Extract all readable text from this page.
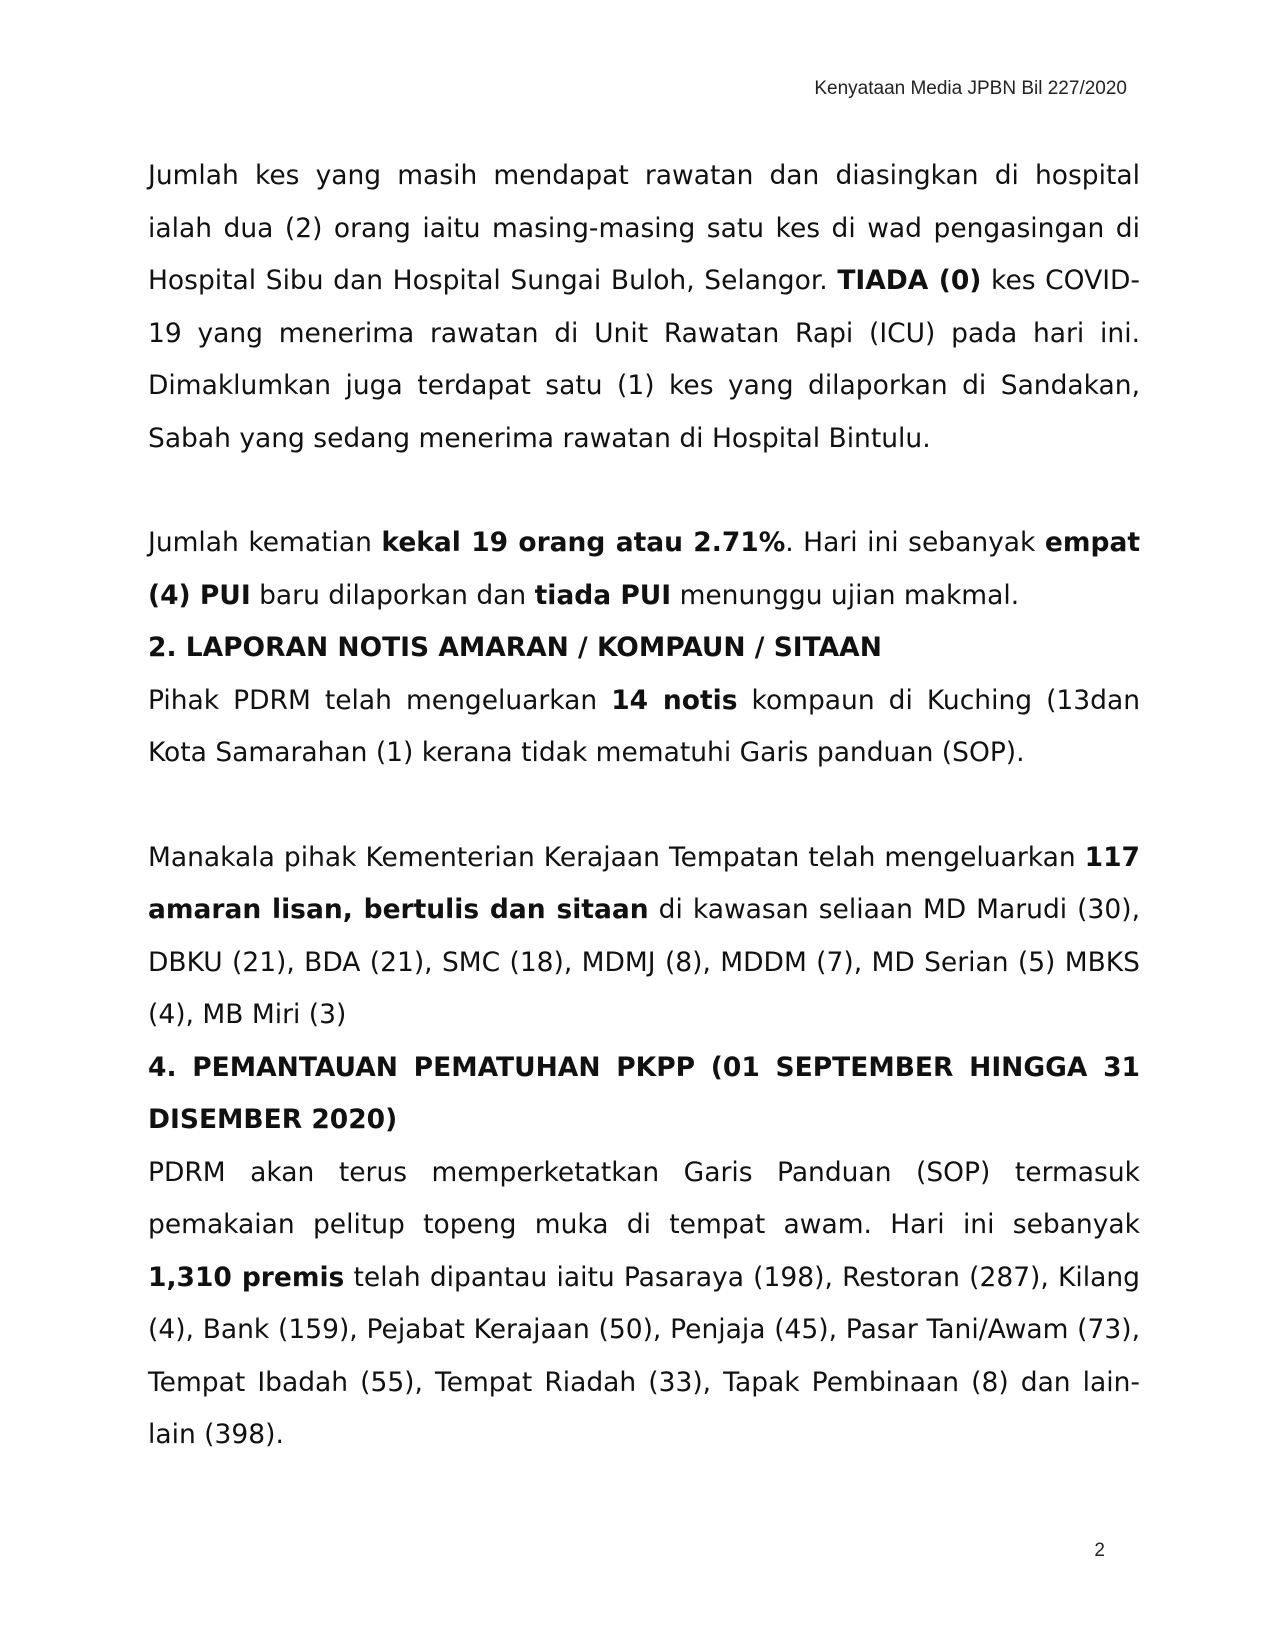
Kenyataan Media JPBN Bil 227/2020

Jumlah kes yang masih mendapat rawatan dan diasingkan di hospital ialah dua (2) orang iaitu masing-masing satu kes di wad pengasingan di Hospital Sibu dan Hospital Sungai Buloh, Selangor. TIADA (0) kes COVID-19 yang menerima rawatan di Unit Rawatan Rapi (ICU) pada hari ini. Dimaklumkan juga terdapat satu (1) kes yang dilaporkan di Sandakan, Sabah yang sedang menerima rawatan di Hospital Bintulu.

Jumlah kematian kekal 19 orang atau 2.71%. Hari ini sebanyak empat (4) PUI baru dilaporkan dan tiada PUI menunggu ujian makmal.

2. LAPORAN NOTIS AMARAN / KOMPAUN / SITAAN

Pihak PDRM telah mengeluarkan 14 notis kompaun di Kuching (13dan Kota Samarahan (1) kerana tidak mematuhi Garis panduan (SOP).

Manakala pihak Kementerian Kerajaan Tempatan telah mengeluarkan 117 amaran lisan, bertulis dan sitaan di kawasan seliaan MD Marudi (30), DBKU (21), BDA (21), SMC (18), MDMJ (8), MDDM (7), MD Serian (5) MBKS (4), MB Miri (3)

4. PEMANTAUAN PEMATUHAN PKPP (01 SEPTEMBER HINGGA 31 DISEMBER 2020)

PDRM akan terus memperketatkan Garis Panduan (SOP) termasuk pemakaian pelitup topeng muka di tempat awam. Hari ini sebanyak 1,310 premis telah dipantau iaitu Pasaraya (198), Restoran (287), Kilang (4), Bank (159), Pejabat Kerajaan (50), Penjaja (45), Pasar Tani/Awam (73), Tempat Ibadah (55), Tempat Riadah (33), Tapak Pembinaan (8) dan lain-lain (398).

2
